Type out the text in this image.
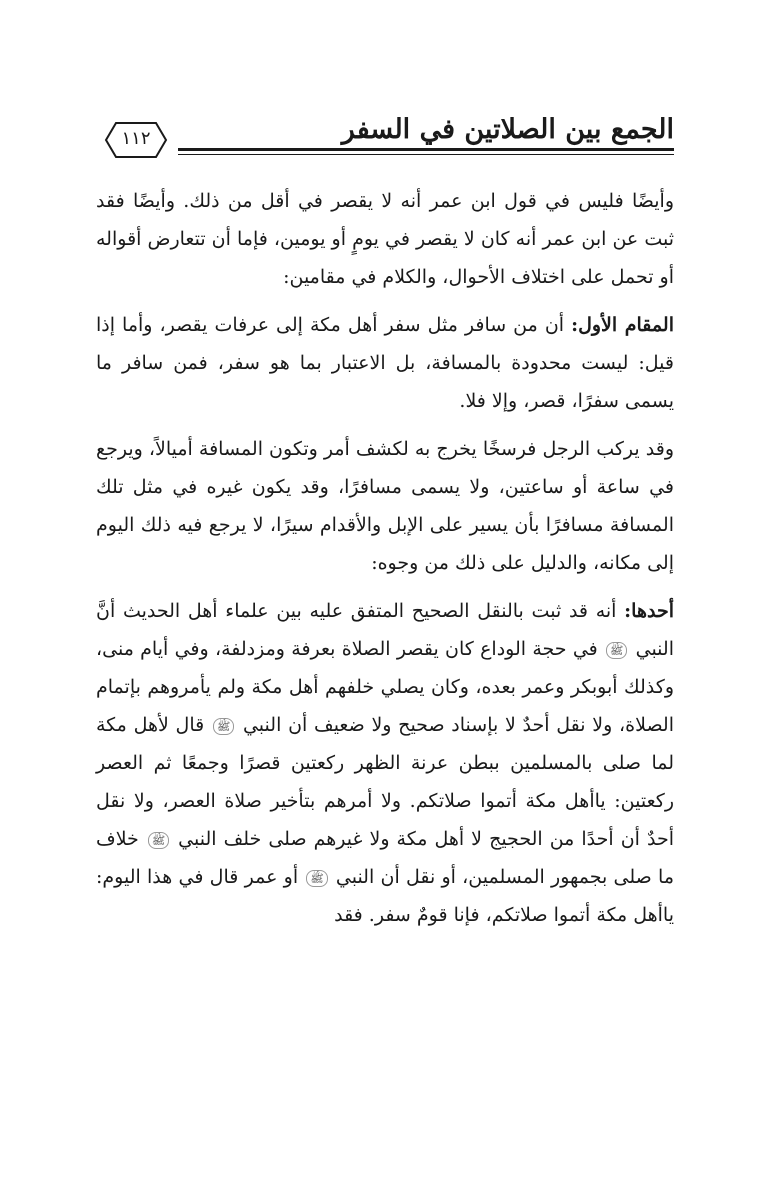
الجمع بين الصلاتين في السفر
١١٢

وأيضًا فليس في قول ابن عمر أنه لا يقصر في أقل من ذلك. وأيضًا فقد ثبت عن ابن عمر أنه كان لا يقصر في يومٍ أو يومين، فإما أن تتعارض أقواله أو تحمل على اختلاف الأحوال، والكلام في مقامين:

المقام الأول: أن من سافر مثل سفر أهل مكة إلى عرفات يقصر، وأما إذا قيل: ليست محدودة بالمسافة، بل الاعتبار بما هو سفر، فمن سافر ما يسمى سفرًا، قصر، وإلا فلا.

وقد يركب الرجل فرسخًا يخرج به لكشف أمر وتكون المسافة أميالاً، ويرجع في ساعة أو ساعتين، ولا يسمى مسافرًا، وقد يكون غيره في مثل تلك المسافة مسافرًا بأن يسير على الإبل والأقدام سيرًا، لا يرجع فيه ذلك اليوم إلى مكانه، والدليل على ذلك من وجوه:

أحدها: أنه قد ثبت بالنقل الصحيح المتفق عليه بين علماء أهل الحديث أنَّ النبي ﷺ في حجة الوداع كان يقصر الصلاة بعرفة ومزدلفة، وفي أيام منى، وكذلك أبوبكر وعمر بعده، وكان يصلي خلفهم أهل مكة ولم يأمروهم بإتمام الصلاة، ولا نقل أحدٌ لا بإسناد صحيح ولا ضعيف أن النبي ﷺ قال لأهل مكة لما صلى بالمسلمين ببطن عرنة الظهر ركعتين قصرًا وجمعًا ثم العصر ركعتين: ياأهل مكة أتموا صلاتكم. ولا أمرهم بتأخير صلاة العصر، ولا نقل أحدٌ أن أحدًا من الحجيج لا أهل مكة ولا غيرهم صلى خلف النبي ﷺ خلاف ما صلى بجمهور المسلمين، أو نقل أن النبي ﷺ أو عمر قال في هذا اليوم: ياأهل مكة أتموا صلاتكم، فإنا قومٌ سفر. فقد
